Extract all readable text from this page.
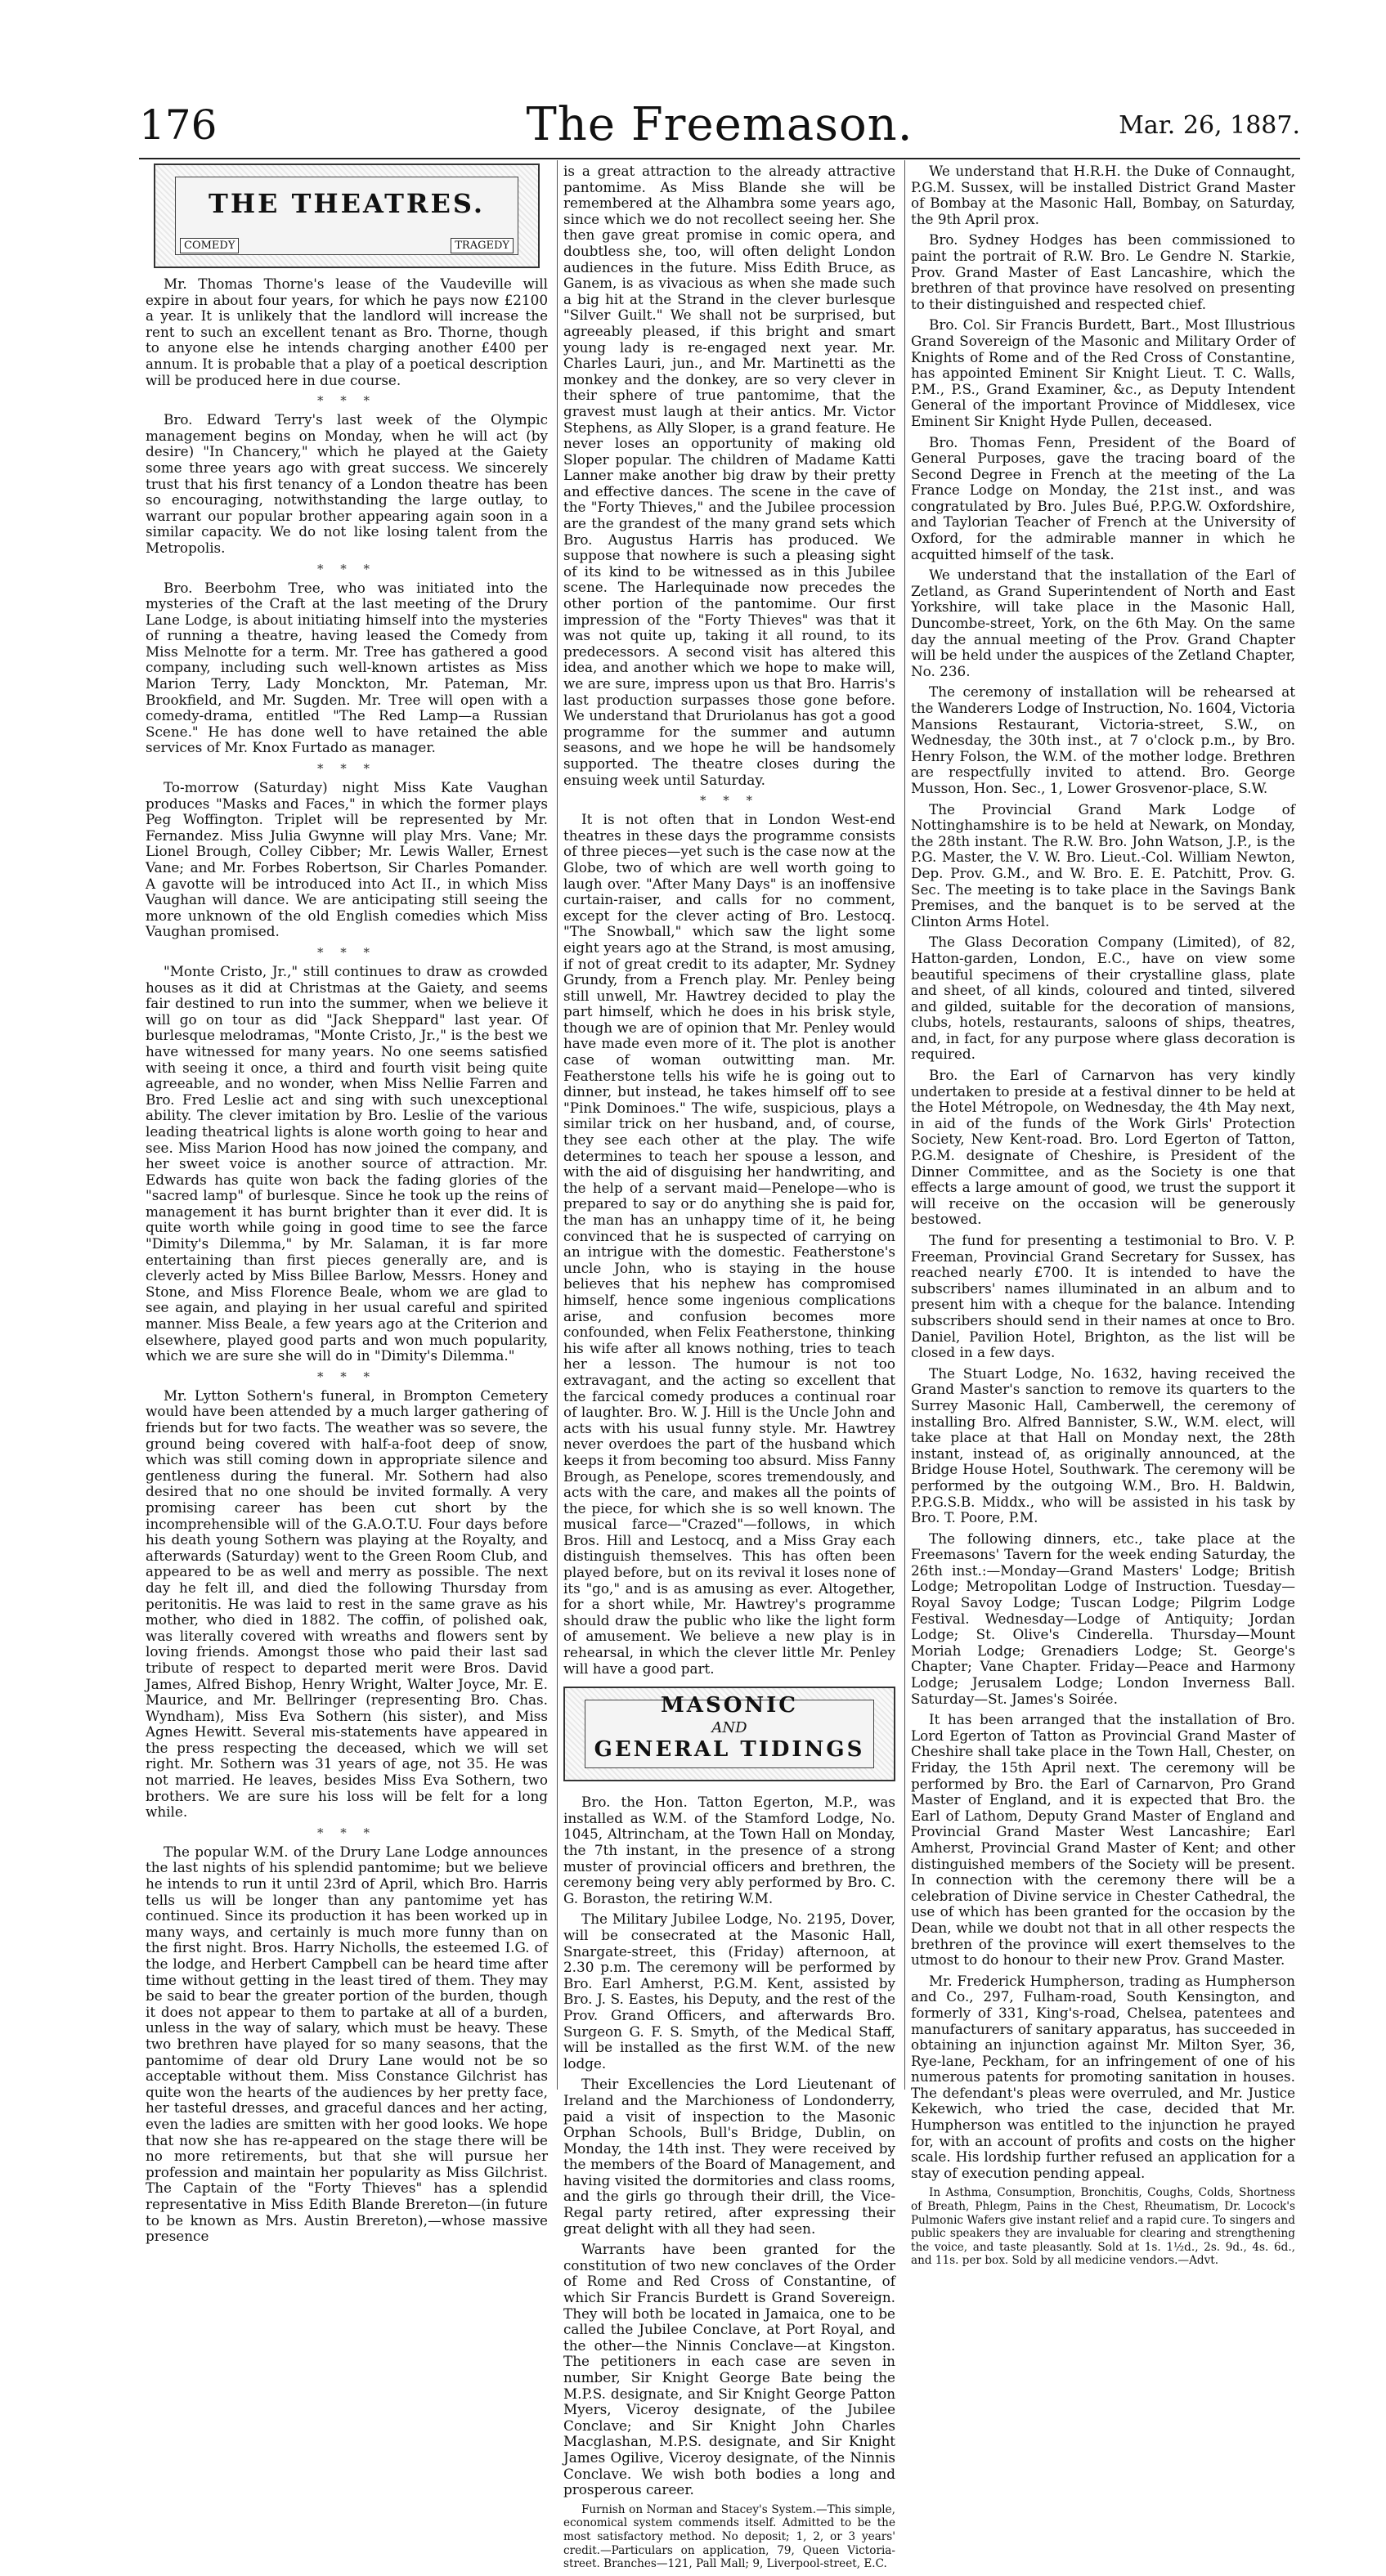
176	The Freemason.	Mar. 26, 1887.
THE THEATRES.
COMEDY	TRAGEDY

Mr. Thomas Thorne's lease of the Vaudeville will expire in about four years, for which he pays now £2100 a year. It is unlikely that the landlord will increase the rent to such an excellent tenant as Bro. Thorne, though to anyone else he intends charging another £400 per annum. It is probable that a play of a poetical description will be produced here in due course.

* * *

Bro. Edward Terry's last week of the Olympic management begins on Monday, when he will act (by desire) "In Chancery," which he played at the Gaiety some three years ago with great success. We sincerely trust that his first tenancy of a London theatre has been so encouraging, notwithstanding the large outlay, to warrant our popular brother appearing again soon in a similar capacity. We do not like losing talent from the Metropolis.

* * *

Bro. Beerbohm Tree, who was initiated into the mysteries of the Craft at the last meeting of the Drury Lane Lodge, is about initiating himself into the mysteries of running a theatre, having leased the Comedy from Miss Melnotte for a term. Mr. Tree has gathered a good company, including such well-known artistes as Miss Marion Terry, Lady Monckton, Mr. Pateman, Mr. Brookfield, and Mr. Sugden. Mr. Tree will open with a comedy-drama, entitled "The Red Lamp—a Russian Scene." He has done well to have retained the able services of Mr. Knox Furtado as manager.

* * *

To-morrow (Saturday) night Miss Kate Vaughan produces "Masks and Faces," in which the former plays Peg Woffington. Triplet will be represented by Mr. Fernandez. Miss Julia Gwynne will play Mrs. Vane; Mr. Lionel Brough, Colley Cibber; Mr. Lewis Waller, Ernest Vane; and Mr. Forbes Robertson, Sir Charles Pomander. A gavotte will be introduced into Act II., in which Miss Vaughan will dance. We are anticipating still seeing the more unknown of the old English comedies which Miss Vaughan promised.

* * *

"Monte Cristo, Jr.," still continues to draw as crowded houses as it did at Christmas at the Gaiety, and seems fair destined to run into the summer, when we believe it will go on tour as did "Jack Sheppard" last year. Of burlesque melodramas, "Monte Cristo, Jr.," is the best we have witnessed for many years. No one seems satisfied with seeing it once, a third and fourth visit being quite agreeable, and no wonder, when Miss Nellie Farren and Bro. Fred Leslie act and sing with such unexceptional ability. The clever imitation by Bro. Leslie of the various leading theatrical lights is alone worth going to hear and see. Miss Marion Hood has now joined the company, and her sweet voice is another source of attraction. Mr. Edwards has quite won back the fading glories of the "sacred lamp" of burlesque. Since he took up the reins of management it has burnt brighter than it ever did. It is quite worth while going in good time to see the farce "Dimity's Dilemma," by Mr. Salaman, it is far more entertaining than first pieces generally are, and is cleverly acted by Miss Billee Barlow, Messrs. Honey and Stone, and Miss Florence Beale, whom we are glad to see again, and playing in her usual careful and spirited manner. Miss Beale, a few years ago at the Criterion and elsewhere, played good parts and won much popularity, which we are sure she will do in "Dimity's Dilemma."

* * *

Mr. Lytton Sothern's funeral, in Brompton Cemetery would have been attended by a much larger gathering of friends but for two facts. The weather was so severe, the ground being covered with half-a-foot deep of snow, which was still coming down in appropriate silence and gentleness during the funeral. Mr. Sothern had also desired that no one should be invited formally. A very promising career has been cut short by the incomprehensible will of the G.A.O.T.U. Four days before his death young Sothern was playing at the Royalty, and afterwards (Saturday) went to the Green Room Club, and appeared to be as well and merry as possible. The next day he felt ill, and died the following Thursday from peritonitis. He was laid to rest in the same grave as his mother, who died in 1882. The coffin, of polished oak, was literally covered with wreaths and flowers sent by loving friends. Amongst those who paid their last sad tribute of respect to departed merit were Bros. David James, Alfred Bishop, Henry Wright, Walter Joyce, Mr. E. Maurice, and Mr. Bellringer (representing Bro. Chas. Wyndham), Miss Eva Sothern (his sister), and Miss Agnes Hewitt. Several mis-statements have appeared in the press respecting the deceased, which we will set right. Mr. Sothern was 31 years of age, not 35. He was not married. He leaves, besides Miss Eva Sothern, two brothers. We are sure his loss will be felt for a long while.

* * *

The popular W.M. of the Drury Lane Lodge announces the last nights of his splendid pantomime; but we believe he intends to run it until 23rd of April, which Bro. Harris tells us will be longer than any pantomime yet has continued. Since its production it has been worked up in many ways, and certainly is much more funny than on the first night. Bros. Harry Nicholls, the esteemed I.G. of the lodge, and Herbert Campbell can be heard time after time without getting in the least tired of them. They may be said to bear the greater portion of the burden, though it does not appear to them to partake at all of a burden, unless in the way of salary, which must be heavy. These two brethren have played for so many seasons, that the pantomime of dear old Drury Lane would not be so acceptable without them. Miss Constance Gilchrist has quite won the hearts of the audiences by her pretty face, her tasteful dresses, and graceful dances and her acting, even the ladies are smitten with her good looks. We hope that now she has re-appeared on the stage there will be no more retirements, but that she will pursue her profession and maintain her popularity as Miss Gilchrist. The Captain of the "Forty Thieves" has a splendid representative in Miss Edith Blande Brereton—(in future to be known as Mrs. Austin Brereton),—whose massive presence

is a great attraction to the already attractive pantomime. As Miss Blande she will be remembered at the Alhambra some years ago, since which we do not recollect seeing her. She then gave great promise in comic opera, and doubtless she, too, will often delight London audiences in the future. Miss Edith Bruce, as Ganem, is as vivacious as when she made such a big hit at the Strand in the clever burlesque "Silver Guilt." We shall not be surprised, but agreeably pleased, if this bright and smart young lady is re-engaged next year. Mr. Charles Lauri, jun., and Mr. Martinetti as the monkey and the donkey, are so very clever in their sphere of true pantomime, that the gravest must laugh at their antics. Mr. Victor Stephens, as Ally Sloper, is a grand feature. He never loses an opportunity of making old Sloper popular. The children of Madame Katti Lanner make another big draw by their pretty and effective dances. The scene in the cave of the "Forty Thieves," and the Jubilee procession are the grandest of the many grand sets which Bro. Augustus Harris has produced. We suppose that nowhere is such a pleasing sight of its kind to be witnessed as in this Jubilee scene. The Harlequinade now precedes the other portion of the pantomime. Our first impression of the "Forty Thieves" was that it was not quite up, taking it all round, to its predecessors. A second visit has altered this idea, and another which we hope to make will, we are sure, impress upon us that Bro. Harris's last production surpasses those gone before. We understand that Druriolanus has got a good programme for the summer and autumn seasons, and we hope he will be handsomely supported. The theatre closes during the ensuing week until Saturday.

* * *

It is not often that in London West-end theatres in these days the programme consists of three pieces—yet such is the case now at the Globe, two of which are well worth going to laugh over. "After Many Days" is an inoffensive curtain-raiser, and calls for no comment, except for the clever acting of Bro. Lestocq. "The Snowball," which saw the light some eight years ago at the Strand, is most amusing, if not of great credit to its adapter, Mr. Sydney Grundy, from a French play. Mr. Penley being still unwell, Mr. Hawtrey decided to play the part himself, which he does in his brisk style, though we are of opinion that Mr. Penley would have made even more of it. The plot is another case of woman outwitting man. Mr. Featherstone tells his wife he is going out to dinner, but instead, he takes himself off to see "Pink Dominoes." The wife, suspicious, plays a similar trick on her husband, and, of course, they see each other at the play. The wife determines to teach her spouse a lesson, and with the aid of disguising her handwriting, and the help of a servant maid—Penelope—who is prepared to say or do anything she is paid for, the man has an unhappy time of it, he being convinced that he is suspected of carrying on an intrigue with the domestic. Featherstone's uncle John, who is staying in the house believes that his nephew has compromised himself, hence some ingenious complications arise, and confusion becomes more confounded, when Felix Featherstone, thinking his wife after all knows nothing, tries to teach her a lesson. The humour is not too extravagant, and the acting so excellent that the farcical comedy produces a continual roar of laughter. Bro. W. J. Hill is the Uncle John and acts with his usual funny style. Mr. Hawtrey never overdoes the part of the husband which keeps it from becoming too absurd. Miss Fanny Brough, as Penelope, scores tremendously, and acts with the care, and makes all the points of the piece, for which she is so well known. The musical farce—"Crazed"—follows, in which Bros. Hill and Lestocq, and a Miss Gray each distinguish themselves. This has often been played before, but on its revival it loses none of its "go," and is as amusing as ever. Altogether, for a short while, Mr. Hawtrey's programme should draw the public who like the light form of amusement. We believe a new play is in rehearsal, in which the clever little Mr. Penley will have a good part.

MASONIC
AND
GENERAL TIDINGS

Bro. the Hon. Tatton Egerton, M.P., was installed as W.M. of the Stamford Lodge, No. 1045, Altrincham, at the Town Hall on Monday, the 7th instant, in the presence of a strong muster of provincial officers and brethren, the ceremony being very ably performed by Bro. C. G. Boraston, the retiring W.M.

The Military Jubilee Lodge, No. 2195, Dover, will be consecrated at the Masonic Hall, Snargate-street, this (Friday) afternoon, at 2.30 p.m. The ceremony will be performed by Bro. Earl Amherst, P.G.M. Kent, assisted by Bro. J. S. Eastes, his Deputy, and the rest of the Prov. Grand Officers, and afterwards Bro. Surgeon G. F. S. Smyth, of the Medical Staff, will be installed as the first W.M. of the new lodge.

Their Excellencies the Lord Lieutenant of Ireland and the Marchioness of Londonderry, paid a visit of inspection to the Masonic Orphan Schools, Bull's Bridge, Dublin, on Monday, the 14th inst. They were received by the members of the Board of Management, and having visited the dormitories and class rooms, and the girls go through their drill, the Vice-Regal party retired, after expressing their great delight with all they had seen.

Warrants have been granted for the constitution of two new conclaves of the Order of Rome and Red Cross of Constantine, of which Sir Francis Burdett is Grand Sovereign. They will both be located in Jamaica, one to be called the Jubilee Conclave, at Port Royal, and the other—the Ninnis Conclave—at Kingston. The petitioners in each case are seven in number, Sir Knight George Bate being the M.P.S. designate, and Sir Knight George Patton Myers, Viceroy designate, of the Jubilee Conclave; and Sir Knight John Charles Macglashan, M.P.S. designate, and Sir Knight James Ogilive, Viceroy designate, of the Ninnis Conclave. We wish both bodies a long and prosperous career.

Furnish on Norman and Stacey's System.—This simple, economical system commends itself. Admitted to be the most satisfactory method. No deposit; 1, 2, or 3 years' credit.—Particulars on application, 79, Queen Victoria-street. Branches—121, Pall Mall; 9, Liverpool-street, E.C.

We understand that H.R.H. the Duke of Connaught, P.G.M. Sussex, will be installed District Grand Master of Bombay at the Masonic Hall, Bombay, on Saturday, the 9th April prox.

Bro. Sydney Hodges has been commissioned to paint the portrait of R.W. Bro. Le Gendre N. Starkie, Prov. Grand Master of East Lancashire, which the brethren of that province have resolved on presenting to their distinguished and respected chief.

Bro. Col. Sir Francis Burdett, Bart., Most Illustrious Grand Sovereign of the Masonic and Military Order of Knights of Rome and of the Red Cross of Constantine, has appointed Eminent Sir Knight Lieut. T. C. Walls, P.M., P.S., Grand Examiner, &c., as Deputy Intendent General of the important Province of Middlesex, vice Eminent Sir Knight Hyde Pullen, deceased.

Bro. Thomas Fenn, President of the Board of General Purposes, gave the tracing board of the Second Degree in French at the meeting of the La France Lodge on Monday, the 21st inst., and was congratulated by Bro. Jules Bué, P.P.G.W. Oxfordshire, and Taylorian Teacher of French at the University of Oxford, for the admirable manner in which he acquitted himself of the task.

We understand that the installation of the Earl of Zetland, as Grand Superintendent of North and East Yorkshire, will take place in the Masonic Hall, Duncombe-street, York, on the 6th May. On the same day the annual meeting of the Prov. Grand Chapter will be held under the auspices of the Zetland Chapter, No. 236.

The ceremony of installation will be rehearsed at the Wanderers Lodge of Instruction, No. 1604, Victoria Mansions Restaurant, Victoria-street, S.W., on Wednesday, the 30th inst., at 7 o'clock p.m., by Bro. Henry Folson, the W.M. of the mother lodge. Brethren are respectfully invited to attend. Bro. George Musson, Hon. Sec., 1, Lower Grosvenor-place, S.W.

The Provincial Grand Mark Lodge of Nottinghamshire is to be held at Newark, on Monday, the 28th instant. The R.W. Bro. John Watson, J.P., is the P.G. Master, the V. W. Bro. Lieut.-Col. William Newton, Dep. Prov. G.M., and W. Bro. E. E. Patchitt, Prov. G. Sec. The meeting is to take place in the Savings Bank Premises, and the banquet is to be served at the Clinton Arms Hotel.

The Glass Decoration Company (Limited), of 82, Hatton-garden, London, E.C., have on view some beautiful specimens of their crystalline glass, plate and sheet, of all kinds, coloured and tinted, silvered and gilded, suitable for the decoration of mansions, clubs, hotels, restaurants, saloons of ships, theatres, and, in fact, for any purpose where glass decoration is required.

Bro. the Earl of Carnarvon has very kindly undertaken to preside at a festival dinner to be held at the Hotel Métropole, on Wednesday, the 4th May next, in aid of the funds of the Work Girls' Protection Society, New Kent-road. Bro. Lord Egerton of Tatton, P.G.M. designate of Cheshire, is President of the Dinner Committee, and as the Society is one that effects a large amount of good, we trust the support it will receive on the occasion will be generously bestowed.

The fund for presenting a testimonial to Bro. V. P. Freeman, Provincial Grand Secretary for Sussex, has reached nearly £700. It is intended to have the subscribers' names illuminated in an album and to present him with a cheque for the balance. Intending subscribers should send in their names at once to Bro. Daniel, Pavilion Hotel, Brighton, as the list will be closed in a few days.

The Stuart Lodge, No. 1632, having received the Grand Master's sanction to remove its quarters to the Surrey Masonic Hall, Camberwell, the ceremony of installing Bro. Alfred Bannister, S.W., W.M. elect, will take place at that Hall on Monday next, the 28th instant, instead of, as originally announced, at the Bridge House Hotel, Southwark. The ceremony will be performed by the outgoing W.M., Bro. H. Baldwin, P.P.G.S.B. Middx., who will be assisted in his task by Bro. T. Poore, P.M.

The following dinners, etc., take place at the Freemasons' Tavern for the week ending Saturday, the 26th inst.:—Monday—Grand Masters' Lodge; British Lodge; Metropolitan Lodge of Instruction. Tuesday—Royal Savoy Lodge; Tuscan Lodge; Pilgrim Lodge Festival. Wednesday—Lodge of Antiquity; Jordan Lodge; St. Olive's Cinderella. Thursday—Mount Moriah Lodge; Grenadiers Lodge; St. George's Chapter; Vane Chapter. Friday—Peace and Harmony Lodge; Jerusalem Lodge; London Inverness Ball. Saturday—St. James's Soirée.

It has been arranged that the installation of Bro. Lord Egerton of Tatton as Provincial Grand Master of Cheshire shall take place in the Town Hall, Chester, on Friday, the 15th April next. The ceremony will be performed by Bro. the Earl of Carnarvon, Pro Grand Master of England, and it is expected that Bro. the Earl of Lathom, Deputy Grand Master of England and Provincial Grand Master West Lancashire; Earl Amherst, Provincial Grand Master of Kent; and other distinguished members of the Society will be present. In connection with the ceremony there will be a celebration of Divine service in Chester Cathedral, the use of which has been granted for the occasion by the Dean, while we doubt not that in all other respects the brethren of the province will exert themselves to the utmost to do honour to their new Prov. Grand Master.

Mr. Frederick Humpherson, trading as Humpherson and Co., 297, Fulham-road, South Kensington, and formerly of 331, King's-road, Chelsea, patentees and manufacturers of sanitary apparatus, has succeeded in obtaining an injunction against Mr. Milton Syer, 36, Rye-lane, Peckham, for an infringement of one of his numerous patents for promoting sanitation in houses. The defendant's pleas were overruled, and Mr. Justice Kekewich, who tried the case, decided that Mr. Humpherson was entitled to the injunction he prayed for, with an account of profits and costs on the higher scale. His lordship further refused an application for a stay of execution pending appeal.

In Asthma, Consumption, Bronchitis, Coughs, Colds, Shortness of Breath, Phlegm, Pains in the Chest, Rheumatism, Dr. Locock's Pulmonic Wafers give instant relief and a rapid cure. To singers and public speakers they are invaluable for clearing and strengthening the voice, and taste pleasantly. Sold at 1s. 1½d., 2s. 9d., 4s. 6d., and 11s. per box. Sold by all medicine vendors.—Advt.
